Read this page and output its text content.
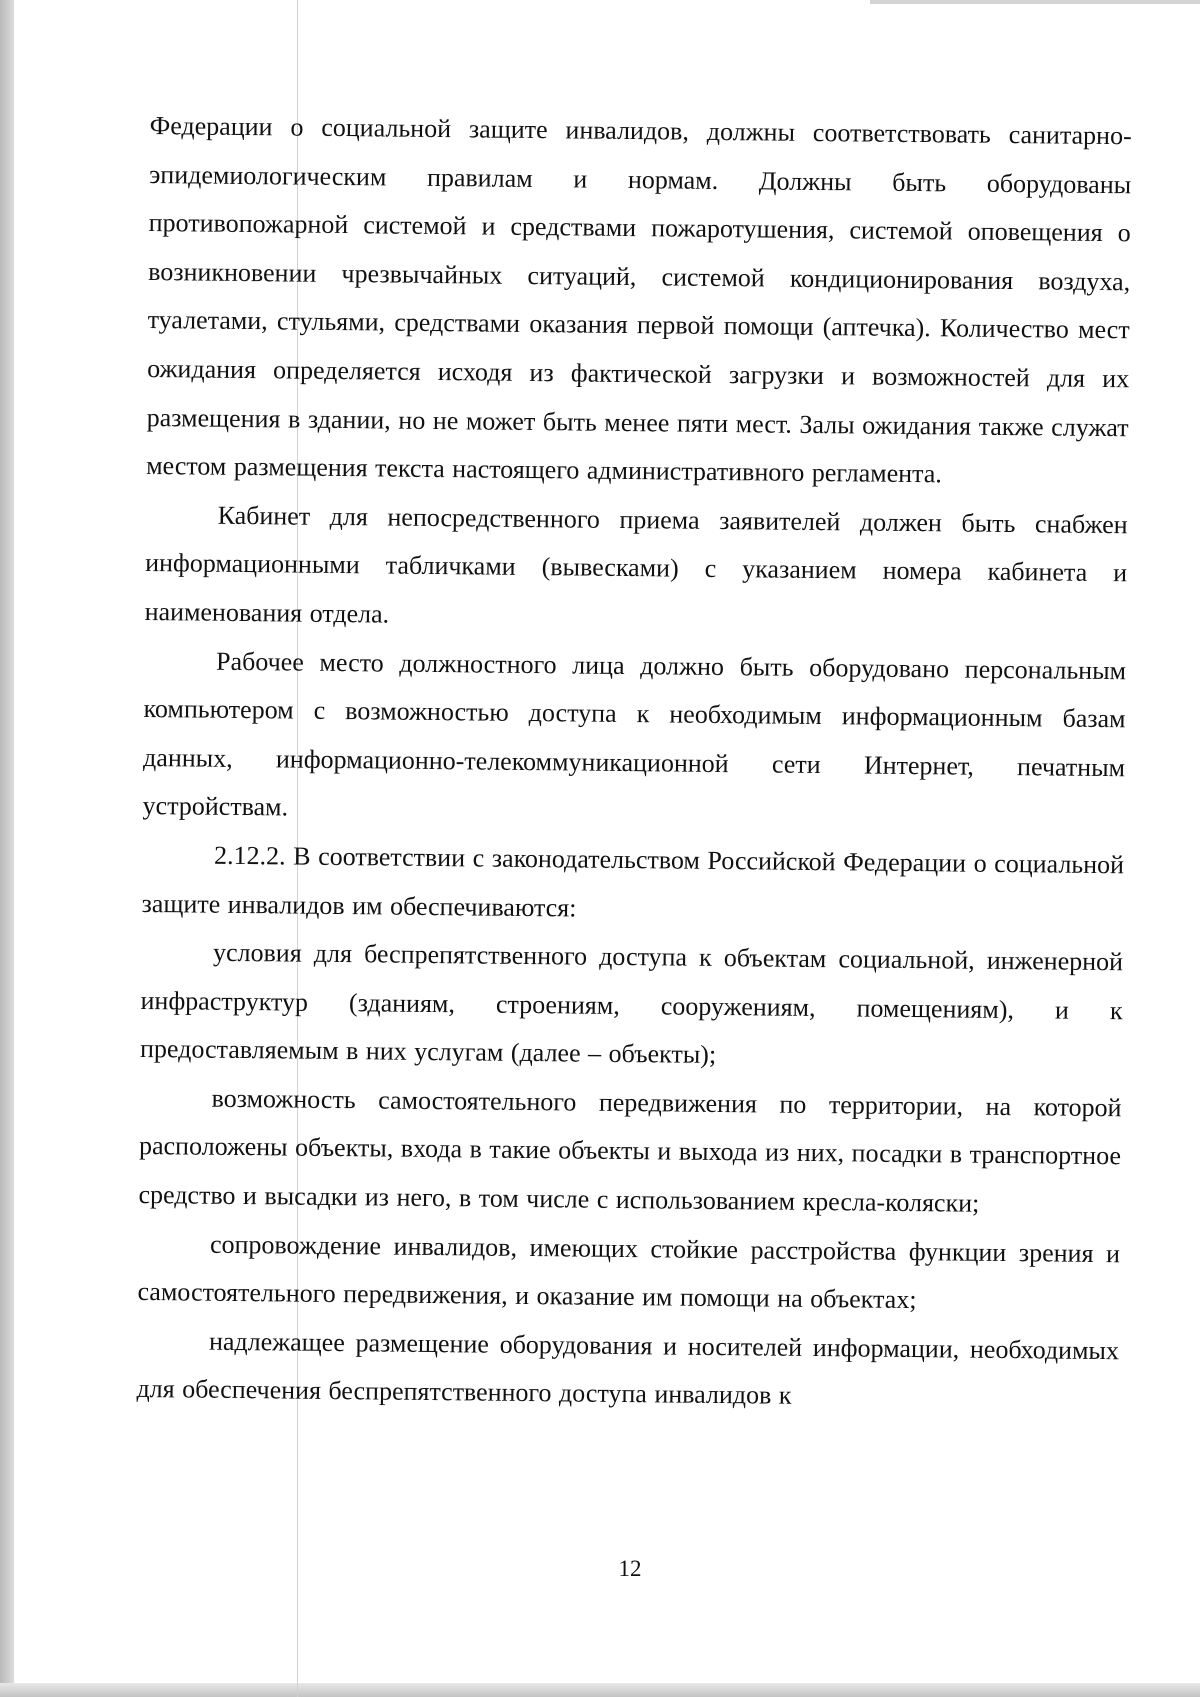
Федерации о социальной защите инвалидов, должны соответствовать санитарно-эпидемиологическим правилам и нормам. Должны быть оборудованы противопожарной системой и средствами пожаротушения, системой оповещения о возникновении чрезвычайных ситуаций, системой кондиционирования воздуха, туалетами, стульями, средствами оказания первой помощи (аптечка). Количество мест ожидания определяется исходя из фактической загрузки и возможностей для их размещения в здании, но не может быть менее пяти мест. Залы ожидания также служат местом размещения текста настоящего административного регламента.

Кабинет для непосредственного приема заявителей должен быть снабжен информационными табличками (вывесками) с указанием номера кабинета и наименования отдела.

Рабочее место должностного лица должно быть оборудовано персональным компьютером с возможностью доступа к необходимым информационным базам данных, информационно-телекоммуникационной сети Интернет, печатным устройствам.

2.12.2. В соответствии с законодательством Российской Федерации о социальной защите инвалидов им обеспечиваются:

условия для беспрепятственного доступа к объектам социальной, инженерной инфраструктур (зданиям, строениям, сооружениям, помещениям), и к предоставляемым в них услугам (далее – объекты);

возможность самостоятельного передвижения по территории, на которой расположены объекты, входа в такие объекты и выхода из них, посадки в транспортное средство и высадки из него, в том числе с использованием кресла-коляски;

сопровождение инвалидов, имеющих стойкие расстройства функции зрения и самостоятельного передвижения, и оказание им помощи на объектах;

надлежащее размещение оборудования и носителей информации, необходимых для обеспечения беспрепятственного доступа инвалидов к

12
